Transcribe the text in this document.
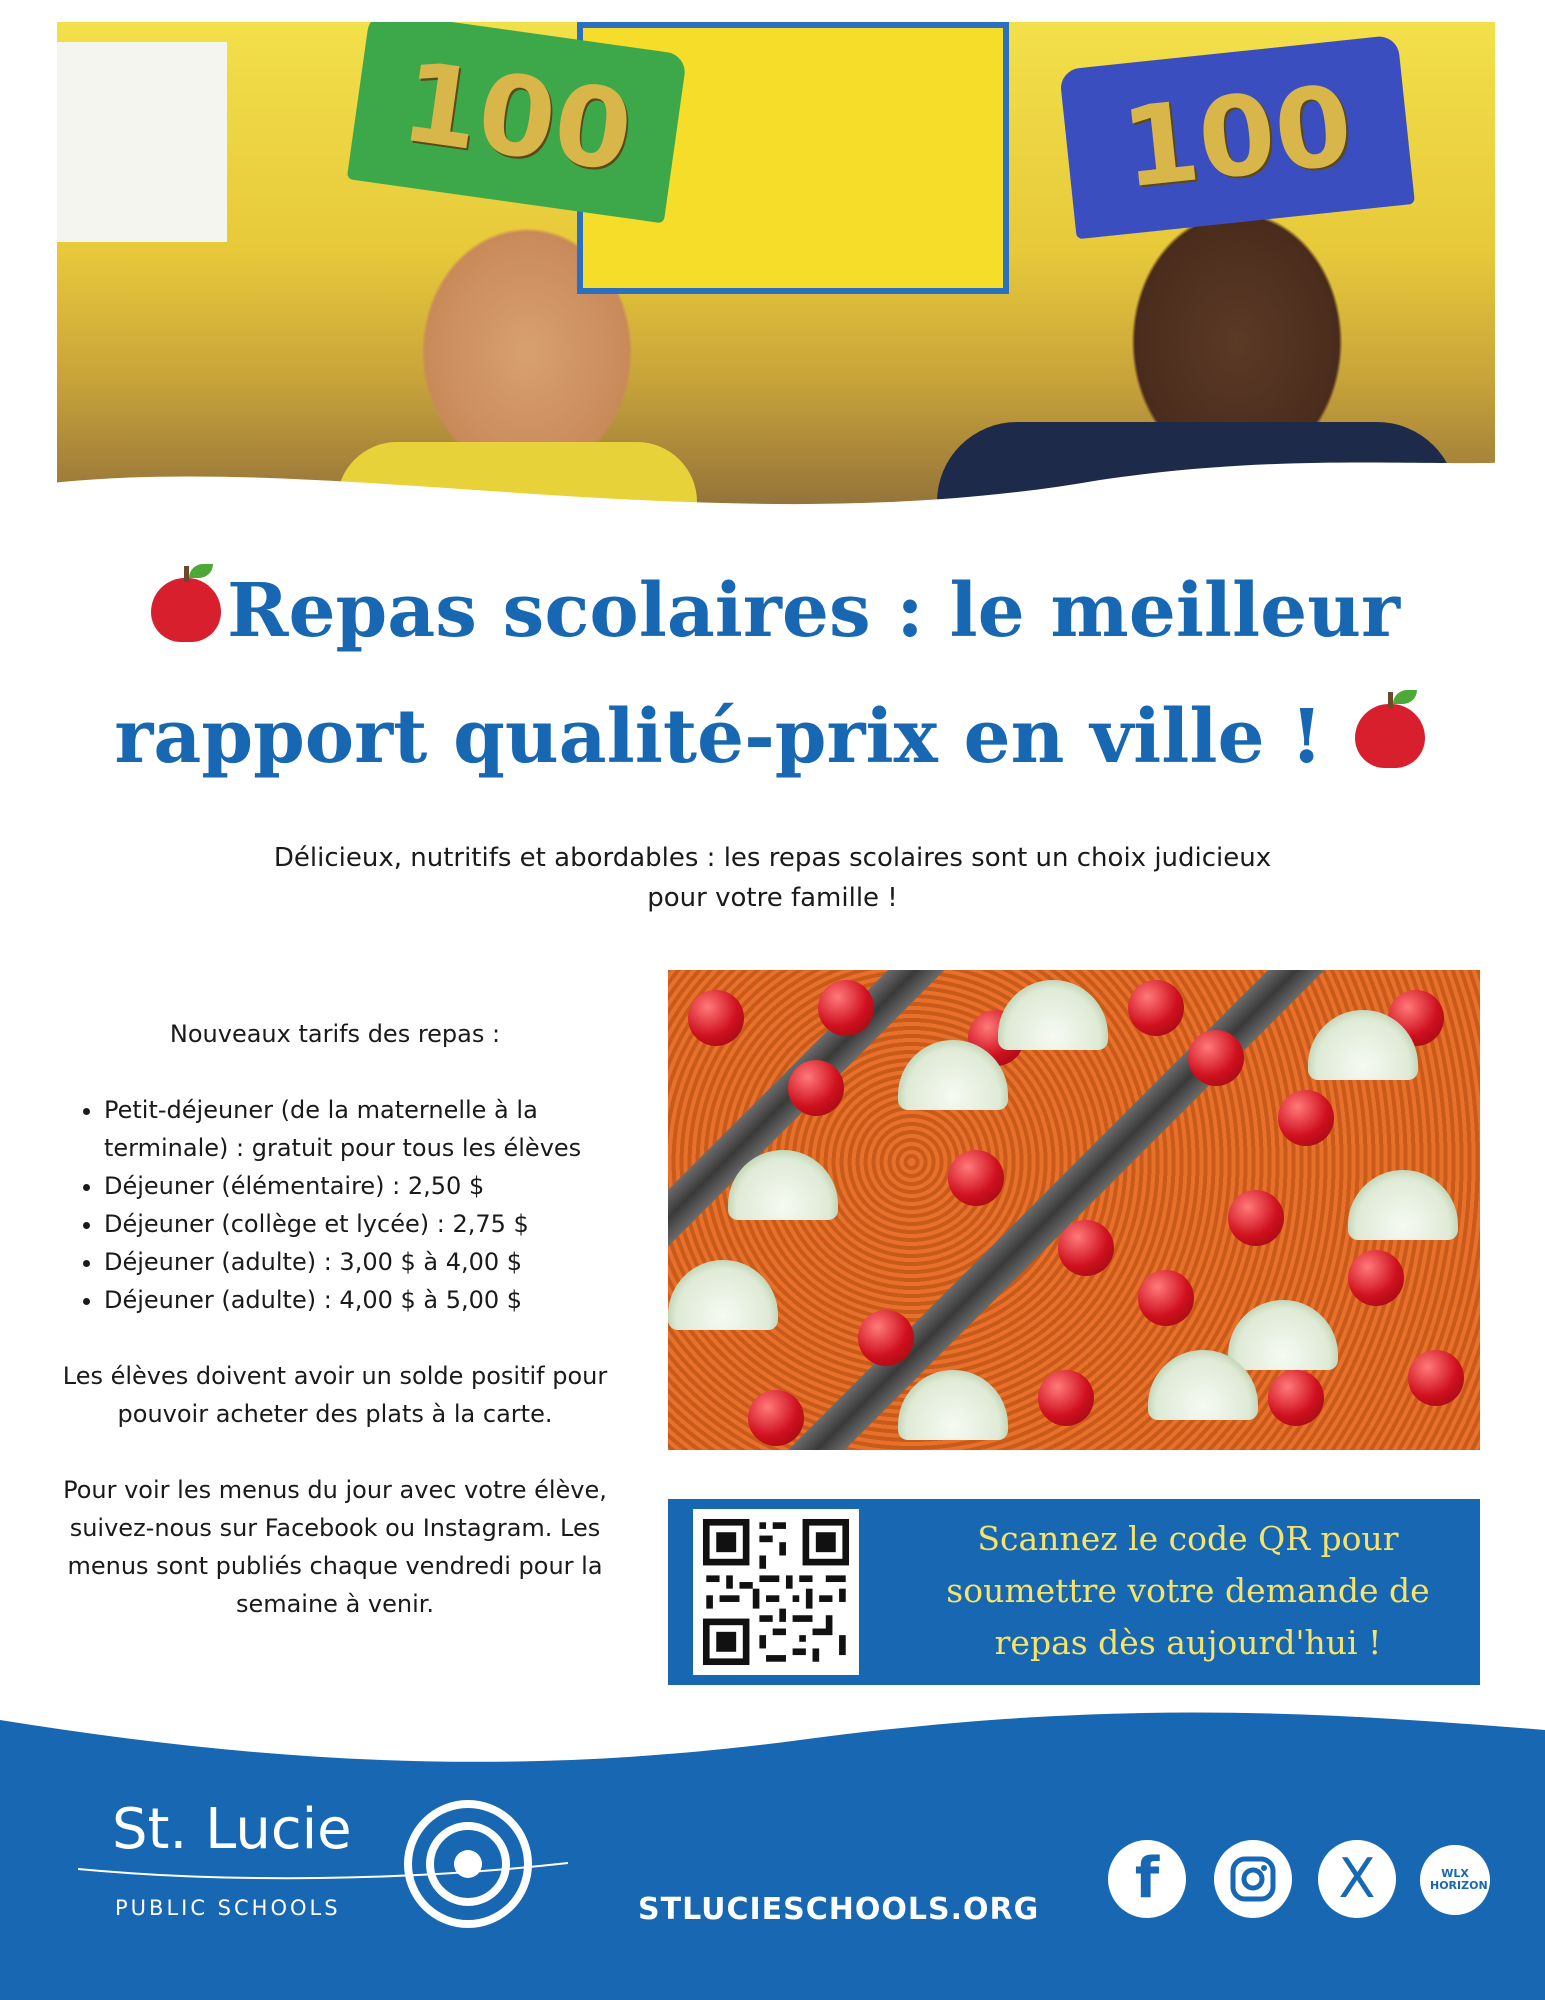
100	100
Repas scolaires : le meilleur
rapport qualité-prix en ville !

Délicieux, nutritifs et abordables : les repas scolaires sont un choix judicieux pour votre famille !

Nouveaux tarifs des repas :

• Petit-déjeuner (de la maternelle à la terminale) : gratuit pour tous les élèves
• Déjeuner (élémentaire) : 2,50 $
• Déjeuner (collège et lycée) : 2,75 $
• Déjeuner (adulte) : 3,00 $ à 4,00 $
• Déjeuner (adulte) : 4,00 $ à 5,00 $

Les élèves doivent avoir un solde positif pour pouvoir acheter des plats à la carte.

Pour voir les menus du jour avec votre élève, suivez-nous sur Facebook ou Instagram. Les menus sont publiés chaque vendredi pour la semaine à venir.

Scannez le code QR pour soumettre votre demande de repas dès aujourd'hui !

St. Lucie
PUBLIC SCHOOLS	STLUCIESCHOOLS.ORG f	X	WLX HORIZON
